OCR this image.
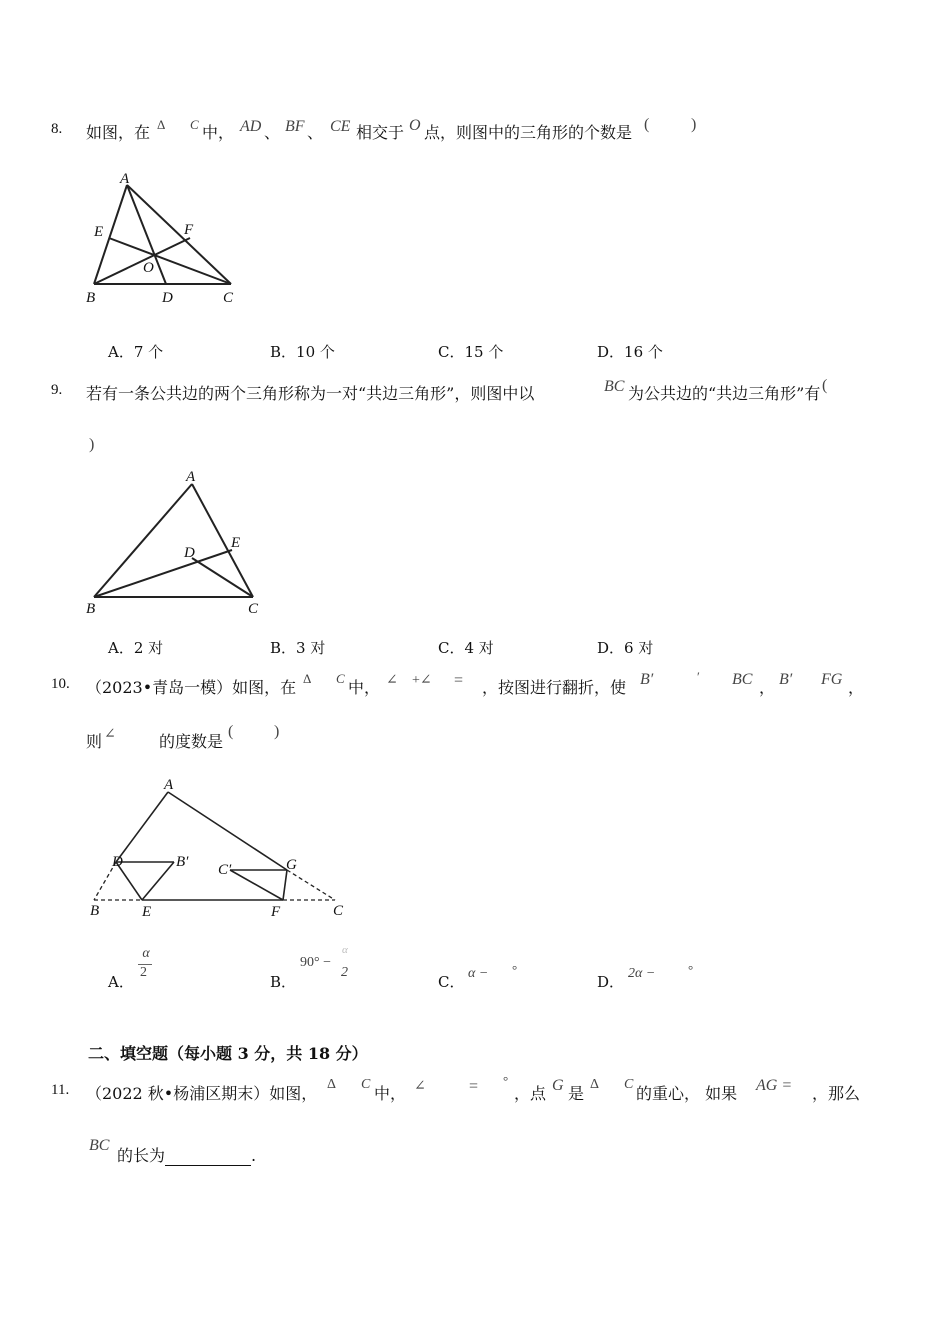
8. 如图，在 Δ C 中， AD 、 BF 、 CE 相交于 O 点，则图中的三角形的个数是 (	)
A
E	F
O
B	D	C
A．7 个	B．10 个	C．15 个	D．16 个
9. 若有一条公共边的两个三角形称为一对“共边三角形”，则图中以	BC 为公共边的“共边三角形”有 (
)
A
D
E
B	C
A．2 对	B．3 对	C．4 对	D．6 对
10. （2023•青岛一模）如图，在 Δ C 中， ∠ +∠ = ，按图进行翻折，使 B′	′ BC ， B′ FG ，
则 ∠	的度数是
(	)
A
D	B′ C′	G
B	E	F	C
A．
α
2
B．
90° −
α
2
C． α − °
D． 2α −	°
二、填空题（每小题 3 分，共 18 分）
11. （2022 秋•杨浦区期末）如图， Δ C 中， ∠	= °
，点 G 是 Δ C 的重心， 如果 AG = ，那么
BC
的长为	.
